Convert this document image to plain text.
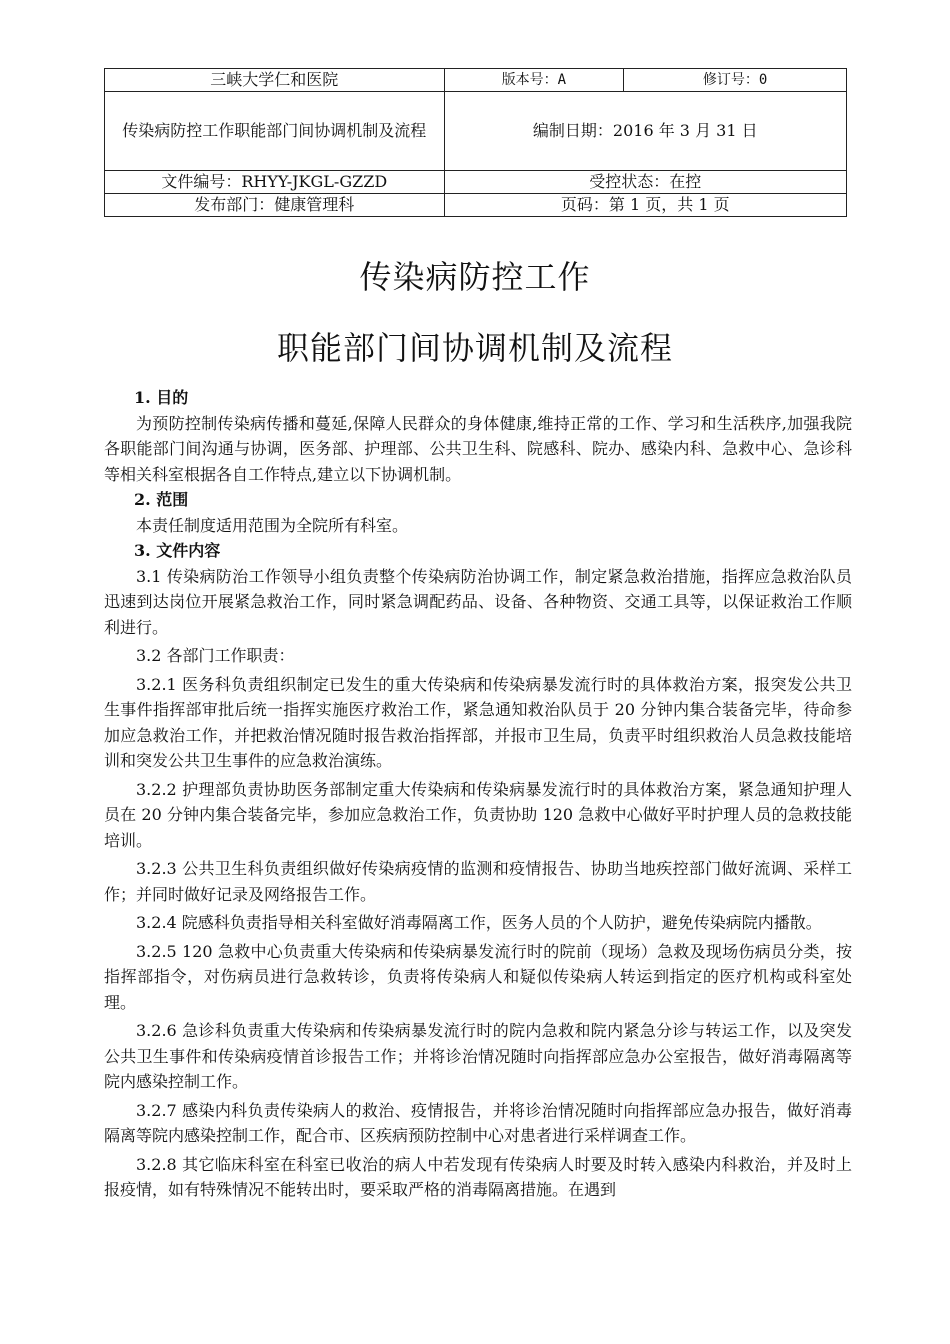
三峡大学仁和医院	版本号：A	修订号：0
传染病防控工作职能部门间协调机制及流程	编制日期：2016 年 3 月 31 日	
文件编号：RHYY-JKGL-GZZD	受控状态：在控	
发布部门：健康管理科	页码：第 1 页，共 1 页	
传染病防控工作
职能部门间协调机制及流程

1. 目的

为预防控制传染病传播和蔓延,保障人民群众的身体健康,维持正常的工作、学习和生活秩序,加强我院各职能部门间沟通与协调，医务部、护理部、公共卫生科、院感科、院办、感染内科、急救中心、急诊科等相关科室根据各自工作特点,建立以下协调机制。

2. 范围

本责任制度适用范围为全院所有科室。

3. 文件内容

3.1 传染病防治工作领导小组负责整个传染病防治协调工作，制定紧急救治措施，指挥应急救治队员迅速到达岗位开展紧急救治工作，同时紧急调配药品、设备、各种物资、交通工具等，以保证救治工作顺利进行。

3.2 各部门工作职责：

3.2.1 医务科负责组织制定已发生的重大传染病和传染病暴发流行时的具体救治方案，报突发公共卫生事件指挥部审批后统一指挥实施医疗救治工作，紧急通知救治队员于 20 分钟内集合装备完毕，待命参加应急救治工作，并把救治情况随时报告救治指挥部，并报市卫生局，负责平时组织救治人员急救技能培训和突发公共卫生事件的应急救治演练。

3.2.2 护理部负责协助医务部制定重大传染病和传染病暴发流行时的具体救治方案，紧急通知护理人员在 20 分钟内集合装备完毕，参加应急救治工作，负责协助 120 急救中心做好平时护理人员的急救技能培训。

3.2.3 公共卫生科负责组织做好传染病疫情的监测和疫情报告、协助当地疾控部门做好流调、采样工作；并同时做好记录及网络报告工作。

3.2.4 院感科负责指导相关科室做好消毒隔离工作，医务人员的个人防护，避免传染病院内播散。

3.2.5 120 急救中心负责重大传染病和传染病暴发流行时的院前（现场）急救及现场伤病员分类，按指挥部指令，对伤病员进行急救转诊，负责将传染病人和疑似传染病人转运到指定的医疗机构或科室处理。

3.2.6 急诊科负责重大传染病和传染病暴发流行时的院内急救和院内紧急分诊与转运工作，以及突发公共卫生事件和传染病疫情首诊报告工作；并将诊治情况随时向指挥部应急办公室报告，做好消毒隔离等院内感染控制工作。

3.2.7 感染内科负责传染病人的救治、疫情报告，并将诊治情况随时向指挥部应急办报告，做好消毒隔离等院内感染控制工作，配合市、区疾病预防控制中心对患者进行采样调查工作。

3.2.8 其它临床科室在科室已收治的病人中若发现有传染病人时要及时转入感染内科救治，并及时上报疫情，如有特殊情况不能转出时，要采取严格的消毒隔离措施。在遇到
